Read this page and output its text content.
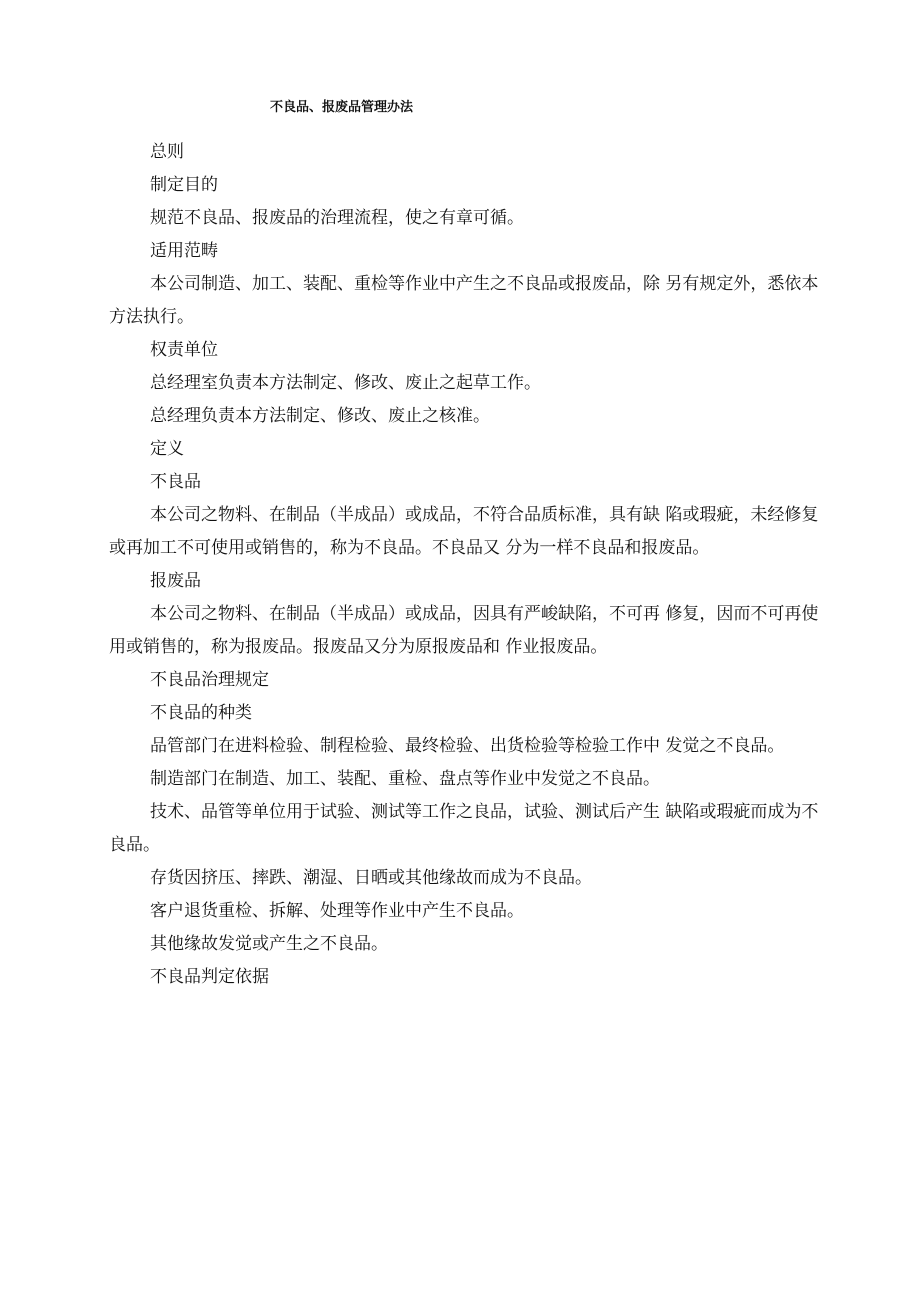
不良品、报废品管理办法

总则

制定目的

规范不良品、报废品的治理流程，使之有章可循。

适用范畴

本公司制造、加工、装配、重检等作业中产生之不良品或报废品，除 另有规定外，悉依本方法执行。

权责单位

总经理室负责本方法制定、修改、废止之起草工作。

总经理负责本方法制定、修改、废止之核准。

定义

不良品

本公司之物料、在制品（半成品）或成品，不符合品质标准，具有缺 陷或瑕疵，未经修复或再加工不可使用或销售的，称为不良品。不良品又 分为一样不良品和报废品。

报废品

本公司之物料、在制品（半成品）或成品，因具有严峻缺陷，不可再 修复，因而不可再使用或销售的，称为报废品。报废品又分为原报废品和 作业报废品。

不良品治理规定

不良品的种类

品管部门在进料检验、制程检验、最终检验、出货检验等检验工作中 发觉之不良品。

制造部门在制造、加工、装配、重检、盘点等作业中发觉之不良品。

技术、品管等单位用于试验、测试等工作之良品，试验、测试后产生 缺陷或瑕疵而成为不良品。

存货因挤压、摔跌、潮湿、日晒或其他缘故而成为不良品。

客户退货重检、拆解、处理等作业中产生不良品。

其他缘故发觉或产生之不良品。

不良品判定依据
